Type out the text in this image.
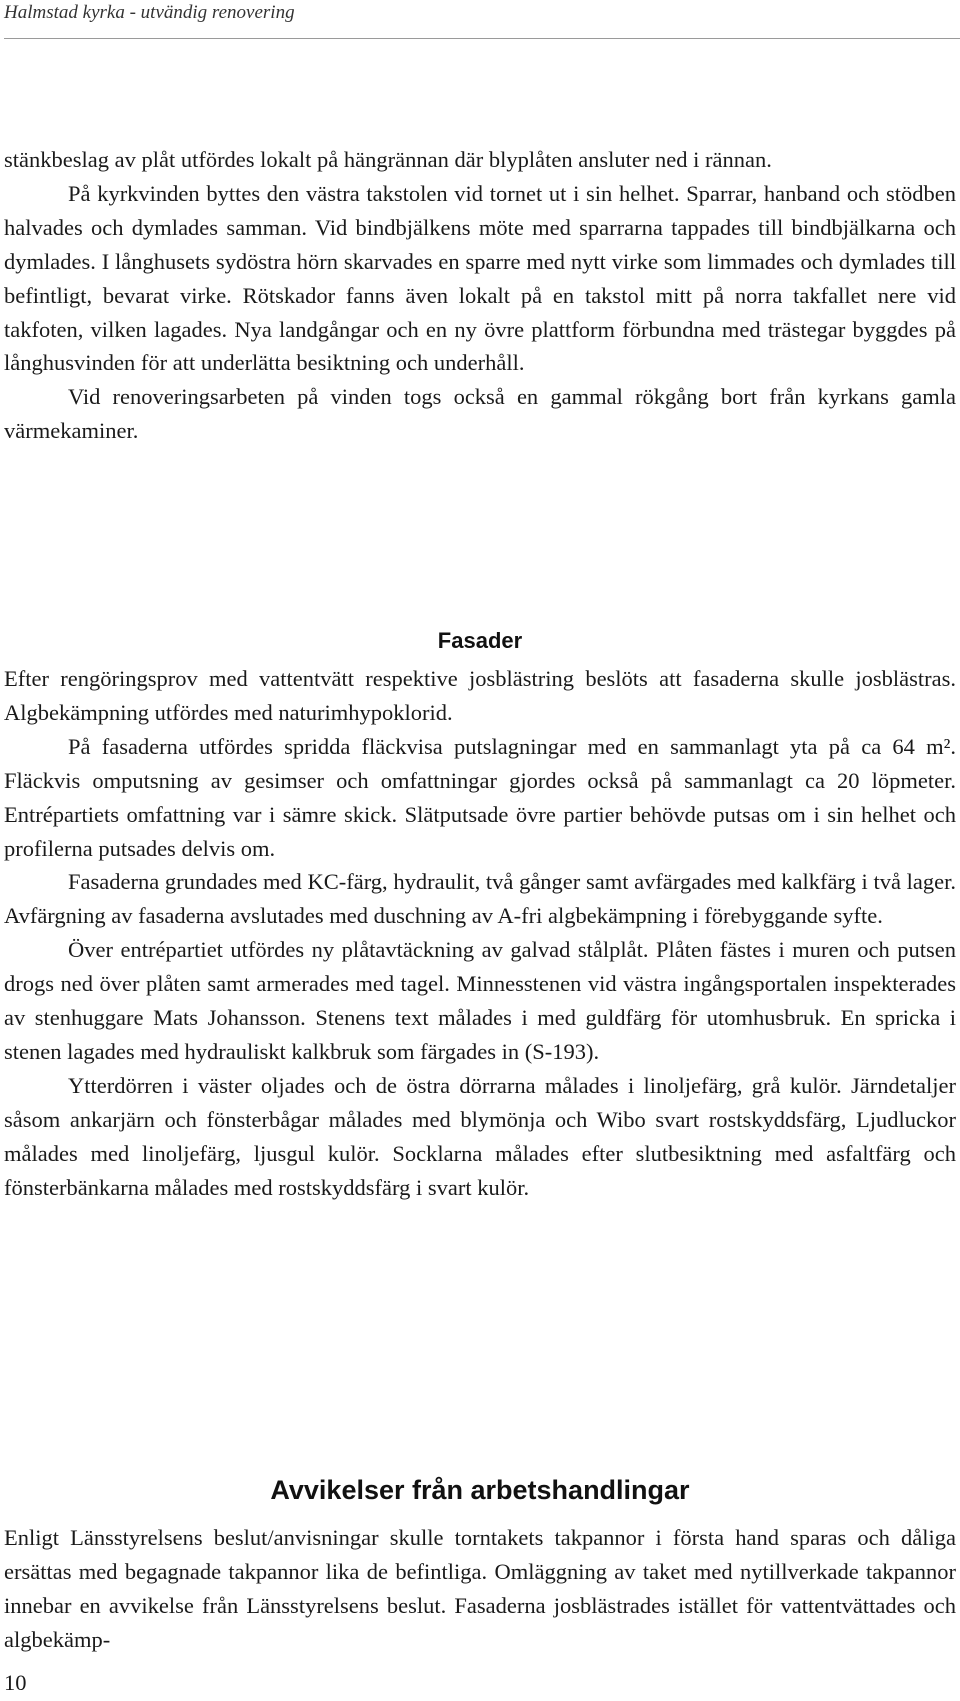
Halmstad kyrka - utvändig renovering

stänkbeslag av plåt utfördes lokalt på hängrännan där blyplåten ansluter ned i rännan.

På kyrkvinden byttes den västra takstolen vid tornet ut i sin helhet. Sparrar, hanband och stödben halvades och dymlades samman. Vid bindbjälkens möte med sparrarna tappades till bindbjälkarna och dymlades. I långhusets sydöstra hörn skarvades en sparre med nytt virke som limmades och dymlades till befintligt, bevarat virke. Rötskador fanns även lokalt på en takstol mitt på norra takfallet nere vid takfoten, vilken lagades. Nya landgångar och en ny övre plattform förbundna med trästegar byggdes på långhusvinden för att underlätta besiktning och underhåll.

Vid renoveringsarbeten på vinden togs också en gammal rökgång bort från kyrkans gamla värmekaminer.

Fasader

Efter rengöringsprov med vattentvätt respektive josblästring beslöts att fasaderna skulle josblästras. Algbekämpning utfördes med naturimhypoklorid.

På fasaderna utfördes spridda fläckvisa putslagningar med en sammanlagt yta på ca 64 m². Fläckvis omputsning av gesimser och omfattningar gjordes också på sammanlagt ca 20 löpmeter. Entrépartiets omfattning var i sämre skick. Slätputsade övre partier behövde putsas om i sin helhet och profilerna putsades delvis om.

Fasaderna grundades med KC-färg, hydraulit, två gånger samt avfärgades med kalkfärg i två lager. Avfärgning av fasaderna avslutades med duschning av A-fri algbekämpning i förebyggande syfte.

Över entrépartiet utfördes ny plåtavtäckning av galvad stålplåt. Plåten fästes i muren och putsen drogs ned över plåten samt armerades med tagel. Minnesstenen vid västra ingångsportalen inspekterades av stenhuggare Mats Johansson. Stenens text målades i med guldfärg för utomhusbruk. En spricka i stenen lagades med hydrauliskt kalkbruk som färgades in (S-193).

Ytterdörren i väster oljades och de östra dörrarna målades i linoljefärg, grå kulör. Järndetaljer såsom ankarjärn och fönsterbågar målades med blymönja och Wibo svart rostskyddsfärg, Ljudluckor målades med linoljefärg, ljusgul kulör. Socklarna målades efter slutbesiktning med asfaltfärg och fönsterbänkarna målades med rostskyddsfärg i svart kulör.

Avvikelser från arbetshandlingar

Enligt Länsstyrelsens beslut/anvisningar skulle torntakets takpannor i första hand sparas och dåliga ersättas med begagnade takpannor lika de befintliga. Omläggning av taket med nytillverkade takpannor innebar en avvikelse från Länsstyrelsens beslut. Fasaderna josblästrades istället för vattentvättades och algbekämp-

10
